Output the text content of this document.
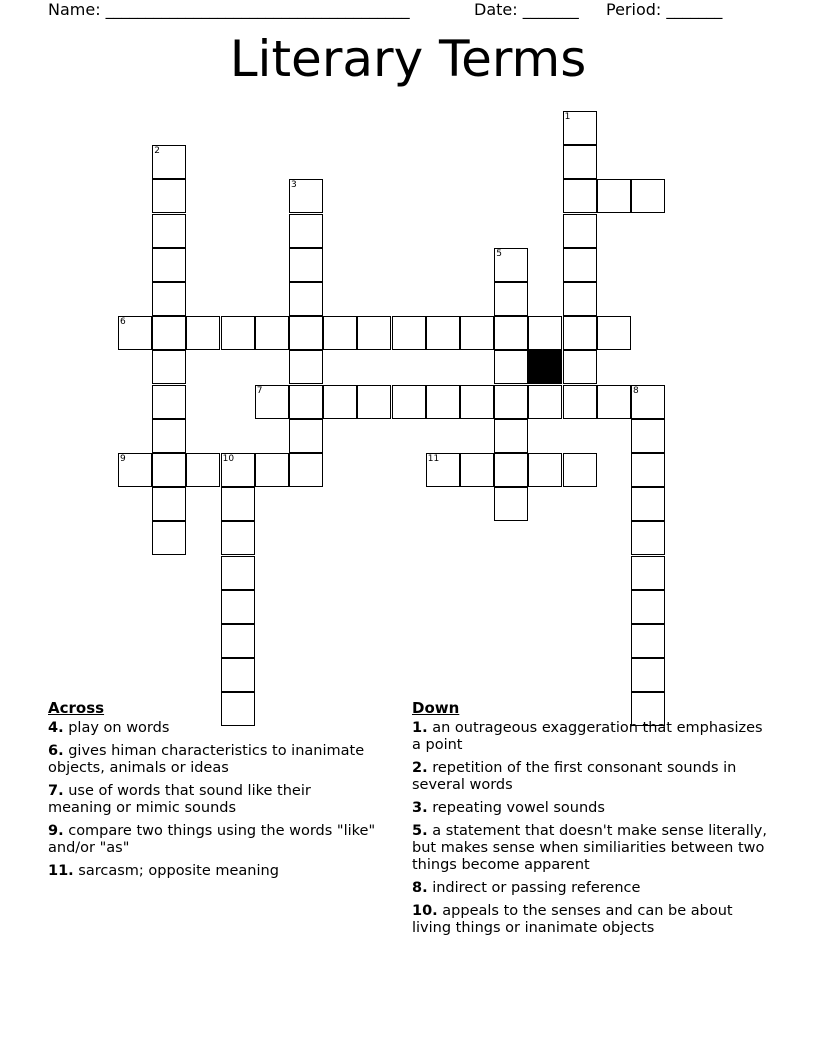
Name: ______________________________________	Date: _______ Period: _______
Literary Terms
1
2
3
5
6
7	8
9	10	11
Across
4. play on words
6. gives himan characteristics to inanimate objects, animals or ideas
7. use of words that sound like their meaning or mimic sounds
9. compare two things using the words "like" and/or "as"
11. sarcasm; opposite meaning
Down
1. an outrageous exaggeration that emphasizes a point
2. repetition of the first consonant sounds in several words
3. repeating vowel sounds
5. a statement that doesn't make sense literally, but makes sense when similiarities between two things become apparent
8. indirect or passing reference
10. appeals to the senses and can be about living things or inanimate objects
